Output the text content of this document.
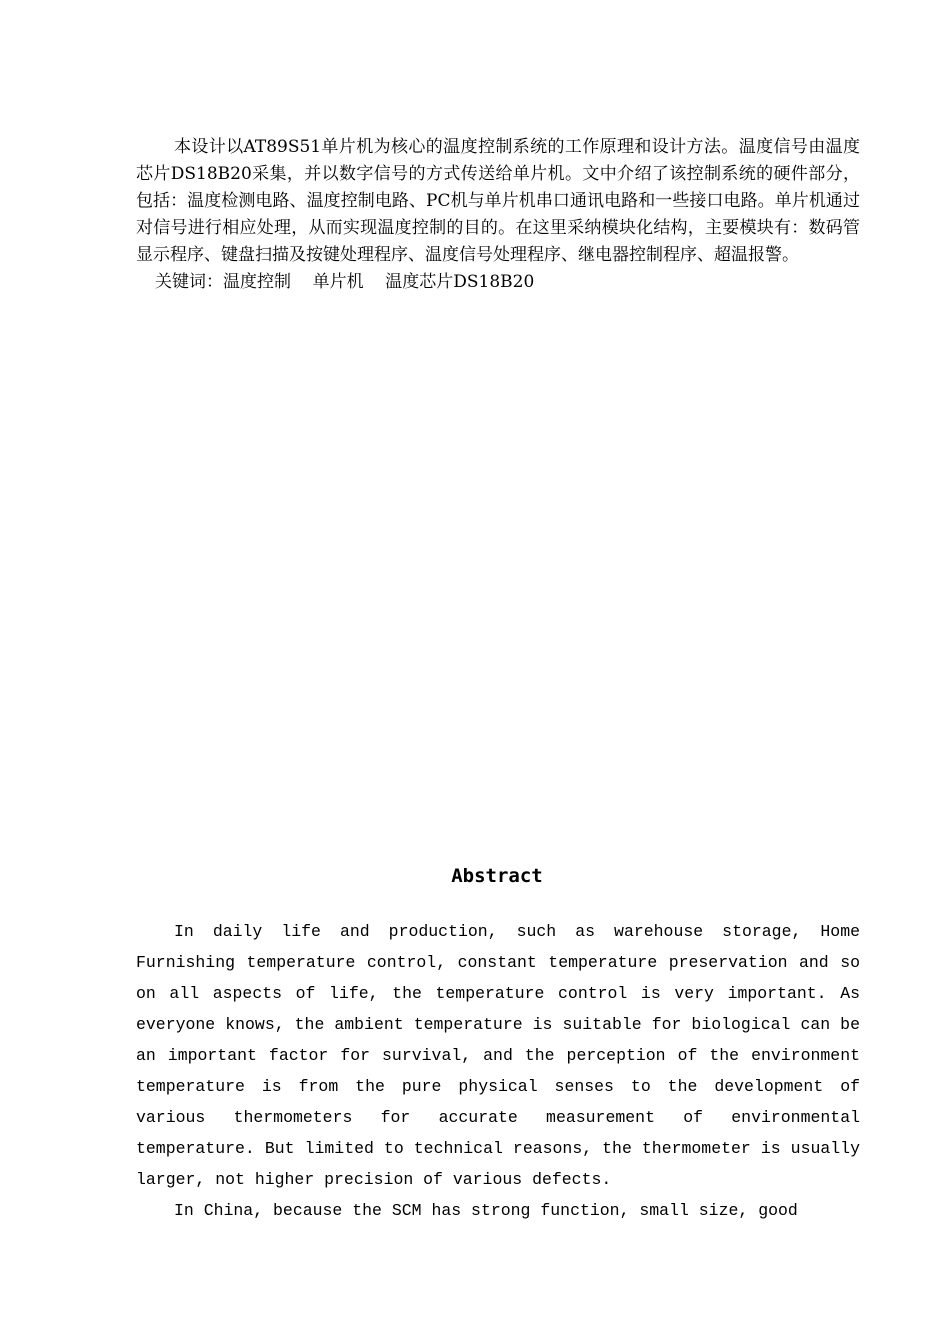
本设计以AT89S51单片机为核心的温度控制系统的工作原理和设计方法。温度信号由温度芯片DS18B20采集，并以数字信号的方式传送给单片机。文中介绍了该控制系统的硬件部分，包括：温度检测电路、温度控制电路、PC机与单片机串口通讯电路和一些接口电路。单片机通过对信号进行相应处理，从而实现温度控制的目的。在这里采纳模块化结构，主要模块有：数码管显示程序、键盘扫描及按键处理程序、温度信号处理程序、继电器控制程序、超温报警。

关键词：温度控制    单片机    温度芯片DS18B20

Abstract

In daily life and production, such as warehouse storage, Home Furnishing temperature control, constant temperature preservation and so on all aspects of life, the temperature control is very important. As everyone knows, the ambient temperature is suitable for biological can be an important factor for survival, and the perception of the environment temperature is from the pure physical senses to the development of various thermometers for accurate measurement of environmental temperature. But limited to technical reasons, the thermometer is usually larger, not higher precision of various defects.

In China, because the SCM has strong function, small size, good
